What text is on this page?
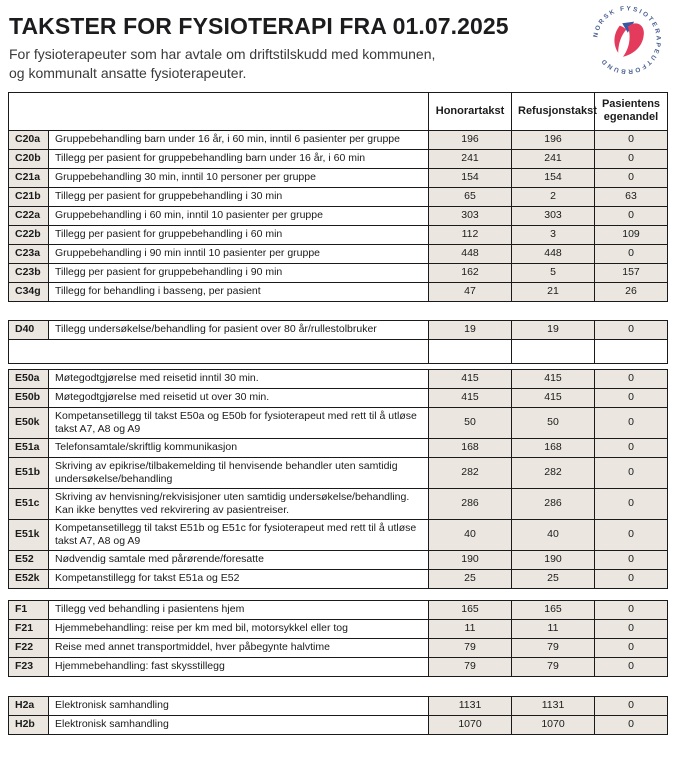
TAKSTER FOR FYSIOTERAPI FRA 01.07.2025
For fysioterapeuter som har avtale om driftstilskudd med kommunen, og kommunalt ansatte fysioterapeuter.
NORSK FYSIOTERAPEUTFORBUND
		Honorartakst	Refusjonstakst	Pasientens egenandel
C20a	Gruppebehandling barn under 16 år, i 60 min, inntil 6 pasienter per gruppe	196	196	0
C20b	Tillegg per pasient for gruppebehandling barn under 16 år, i 60 min	241	241	0
C21a	Gruppebehandling 30 min, inntil 10 personer per gruppe	154	154	0
C21b	Tillegg per pasient for gruppebehandling i 30 min	65	2	63
C22a	Gruppebehandling i 60 min, inntil 10 pasienter per gruppe	303	303	0
C22b	Tillegg per pasient for gruppebehandling i 60 min	112	3	109
C23a	Gruppebehandling i 90 min inntil 10 pasienter per gruppe	448	448	0
C23b	Tillegg per pasient for gruppebehandling i 90 min	162	5	157
C34g	Tillegg for behandling i basseng, per pasient	47	21	26
D40	Tillegg undersøkelse/behandling for pasient over 80 år/rullestolbruker	19	19	0

E50a	Møtegodtgjørelse med reisetid inntil 30 min.	415	415	0
E50b	Møtegodtgjørelse med reisetid ut over 30 min.	415	415	0
E50k	Kompetansetillegg til takst E50a og E50b for fysioterapeut med rett til å utløse takst A7, A8 og A9	50	50	0
E51a	Telefonsamtale/skriftlig kommunikasjon	168	168	0
E51b	Skriving av epikrise/tilbakemelding til henvisende behandler uten samtidig undersøkelse/behandling	282	282	0
E51c	Skriving av henvisning/rekvisisjoner uten samtidig undersøkelse/behandling. Kan ikke benyttes ved rekvirering av pasientreiser.	286	286	0
E51k	Kompetansetillegg til takst E51b og E51c for fysioterapeut med rett til å utløse takst A7, A8 og A9	40	40	0
E52	Nødvendig samtale med pårørende/foresatte	190	190	0
E52k	Kompetanstillegg for takst E51a og E52	25	25	0
F1	Tillegg ved behandling i pasientens hjem	165	165	0
F21	Hjemmebehandling: reise per km med bil, motorsykkel eller tog	11	11	0
F22	Reise med annet transportmiddel, hver påbegynte halvtime	79	79	0
F23	Hjemmebehandling: fast skysstillegg	79	79	0
H2a	Elektronisk samhandling	1131	1131	0
H2b	Elektronisk samhandling	1070	1070	0
